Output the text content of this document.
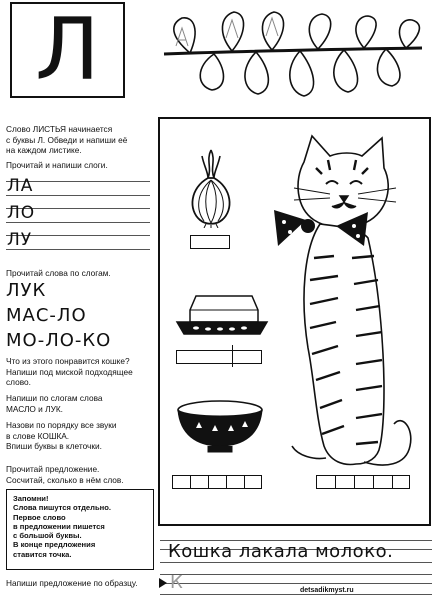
Л
Слово ЛИСТЬЯ начинается
с буквы Л. Обведи и напиши её
на каждом листике.
Прочитай и напиши слоги.
ЛА
ЛО
ЛУ
Прочитай слова по слогам.
ЛУК
МАС-ЛО
МО-ЛО-КО
Что из этого понравится кошке?
Напиши под миской подходящее
слово.
Напиши по слогам слова
МАСЛО и ЛУК.
Назови по порядку все звуки
в слове КОШКА.
Впиши буквы в клеточки.
Прочитай предложение.
Сосчитай, сколько в нём слов.
Запомни!
Слова пишутся отдельно.
Первое слово
в предложении пишется
с большой буквы.
В конце предложения
ставится точка.
Напиши предложение по образцу.
Кошка лакала молоко.
К	detsadikmyst.ru
